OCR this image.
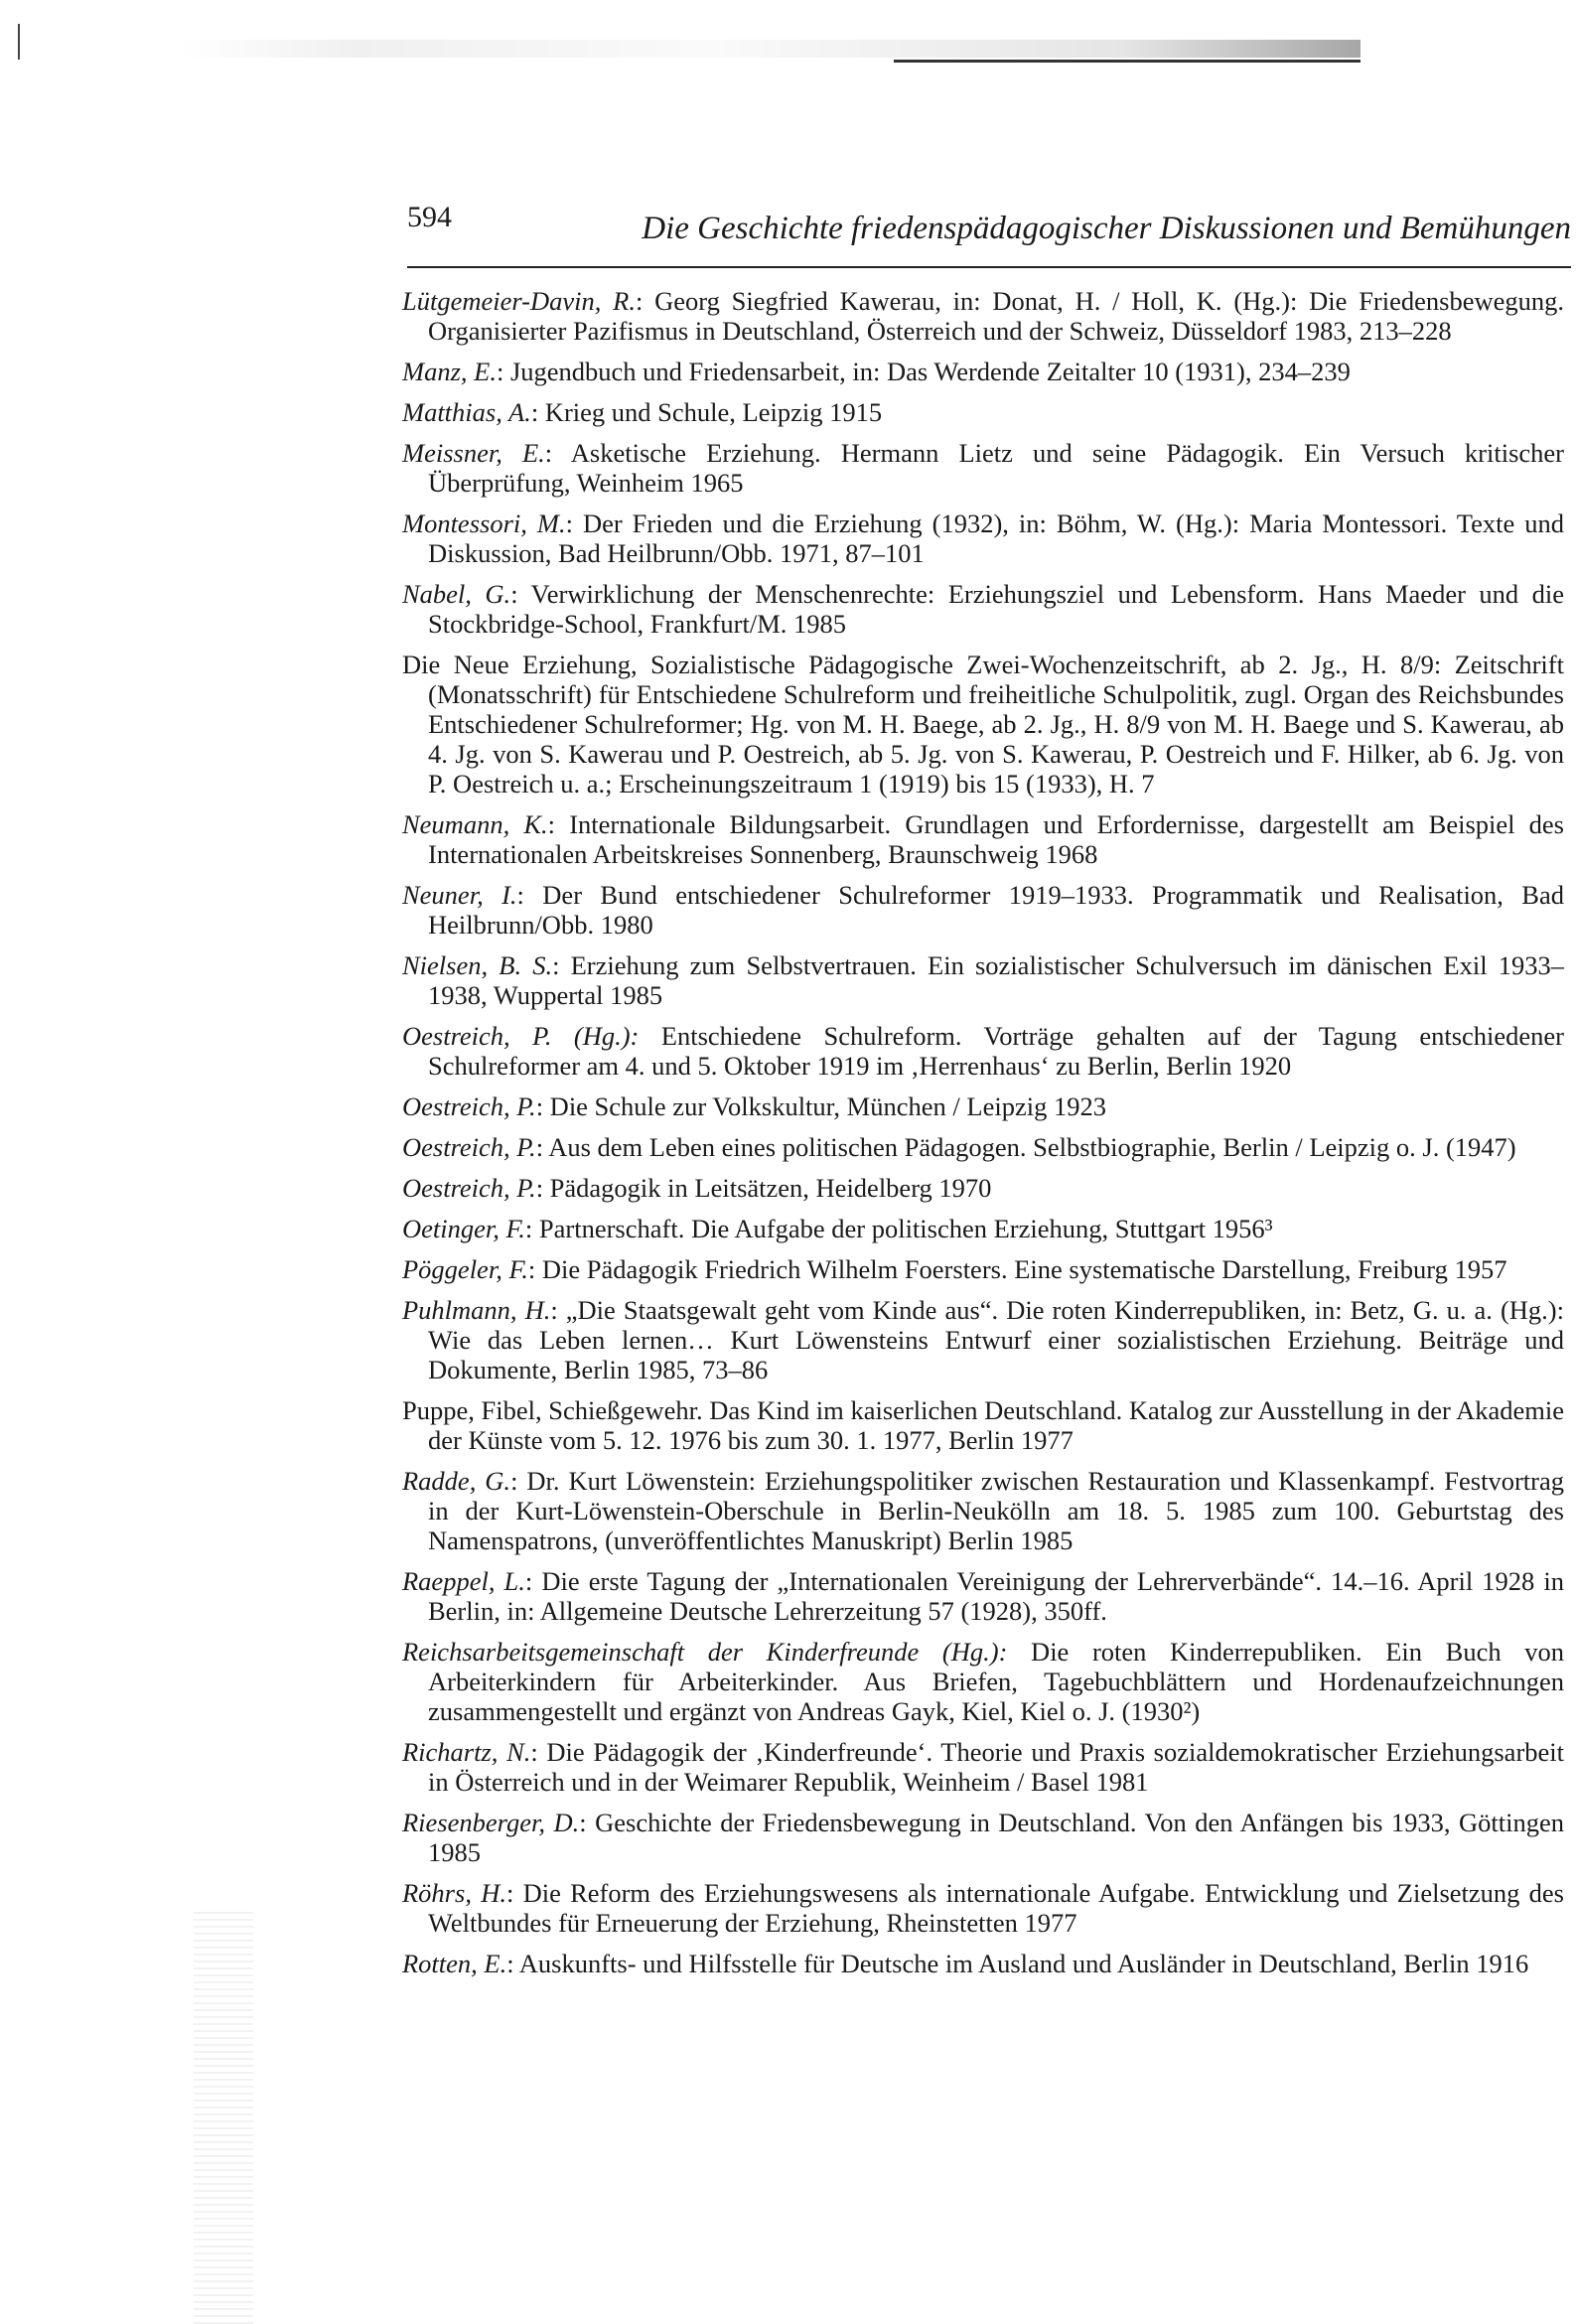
594	Die Geschichte friedenspädagogischer Diskussionen und Bemühungen

Lütgemeier-Davin, R.: Georg Siegfried Kawerau, in: Donat, H. / Holl, K. (Hg.): Die Friedensbewegung. Organisierter Pazifismus in Deutschland, Österreich und der Schweiz, Düsseldorf 1983, 213–228

Manz, E.: Jugendbuch und Friedensarbeit, in: Das Werdende Zeitalter 10 (1931), 234–239

Matthias, A.: Krieg und Schule, Leipzig 1915

Meissner, E.: Asketische Erziehung. Hermann Lietz und seine Pädagogik. Ein Versuch kritischer Überprüfung, Weinheim 1965

Montessori, M.: Der Frieden und die Erziehung (1932), in: Böhm, W. (Hg.): Maria Montessori. Texte und Diskussion, Bad Heilbrunn/Obb. 1971, 87–101

Nabel, G.: Verwirklichung der Menschenrechte: Erziehungsziel und Lebensform. Hans Maeder und die Stockbridge-School, Frankfurt/M. 1985

Die Neue Erziehung, Sozialistische Pädagogische Zwei-Wochenzeitschrift, ab 2. Jg., H. 8/9: Zeitschrift (Monatsschrift) für Entschiedene Schulreform und freiheitliche Schulpolitik, zugl. Organ des Reichsbundes Entschiedener Schulreformer; Hg. von M. H. Baege, ab 2. Jg., H. 8/9 von M. H. Baege und S. Kawerau, ab 4. Jg. von S. Kawerau und P. Oestreich, ab 5. Jg. von S. Kawerau, P. Oestreich und F. Hilker, ab 6. Jg. von P. Oestreich u. a.; Erscheinungszeitraum 1 (1919) bis 15 (1933), H. 7

Neumann, K.: Internationale Bildungsarbeit. Grundlagen und Erfordernisse, dargestellt am Beispiel des Internationalen Arbeitskreises Sonnenberg, Braunschweig 1968

Neuner, I.: Der Bund entschiedener Schulreformer 1919–1933. Programmatik und Realisation, Bad Heilbrunn/Obb. 1980

Nielsen, B. S.: Erziehung zum Selbstvertrauen. Ein sozialistischer Schulversuch im dänischen Exil 1933–1938, Wuppertal 1985

Oestreich, P. (Hg.): Entschiedene Schulreform. Vorträge gehalten auf der Tagung entschiedener Schulreformer am 4. und 5. Oktober 1919 im ‚Herrenhaus‘ zu Berlin, Berlin 1920

Oestreich, P.: Die Schule zur Volkskultur, München / Leipzig 1923

Oestreich, P.: Aus dem Leben eines politischen Pädagogen. Selbstbiographie, Berlin / Leipzig o. J. (1947)

Oestreich, P.: Pädagogik in Leitsätzen, Heidelberg 1970

Oetinger, F.: Partnerschaft. Die Aufgabe der politischen Erziehung, Stuttgart 1956³

Pöggeler, F.: Die Pädagogik Friedrich Wilhelm Foersters. Eine systematische Darstellung, Freiburg 1957

Puhlmann, H.: „Die Staatsgewalt geht vom Kinde aus“. Die roten Kinderrepubliken, in: Betz, G. u. a. (Hg.): Wie das Leben lernen… Kurt Löwensteins Entwurf einer sozialistischen Erziehung. Beiträge und Dokumente, Berlin 1985, 73–86

Puppe, Fibel, Schießgewehr. Das Kind im kaiserlichen Deutschland. Katalog zur Ausstellung in der Akademie der Künste vom 5. 12. 1976 bis zum 30. 1. 1977, Berlin 1977

Radde, G.: Dr. Kurt Löwenstein: Erziehungspolitiker zwischen Restauration und Klassenkampf. Festvortrag in der Kurt-Löwenstein-Oberschule in Berlin-Neukölln am 18. 5. 1985 zum 100. Geburtstag des Namenspatrons, (unveröffentlichtes Manuskript) Berlin 1985

Raeppel, L.: Die erste Tagung der „Internationalen Vereinigung der Lehrerverbände“. 14.–16. April 1928 in Berlin, in: Allgemeine Deutsche Lehrerzeitung 57 (1928), 350ff.

Reichsarbeitsgemeinschaft der Kinderfreunde (Hg.): Die roten Kinderrepubliken. Ein Buch von Arbeiterkindern für Arbeiterkinder. Aus Briefen, Tagebuchblättern und Hordenaufzeichnungen zusammengestellt und ergänzt von Andreas Gayk, Kiel, Kiel o. J. (1930²)

Richartz, N.: Die Pädagogik der ‚Kinderfreunde‘. Theorie und Praxis sozialdemokratischer Erziehungsarbeit in Österreich und in der Weimarer Republik, Weinheim / Basel 1981

Riesenberger, D.: Geschichte der Friedensbewegung in Deutschland. Von den Anfängen bis 1933, Göttingen 1985

Röhrs, H.: Die Reform des Erziehungswesens als internationale Aufgabe. Entwicklung und Zielsetzung des Weltbundes für Erneuerung der Erziehung, Rheinstetten 1977

Rotten, E.: Auskunfts- und Hilfsstelle für Deutsche im Ausland und Ausländer in Deutschland, Berlin 1916
